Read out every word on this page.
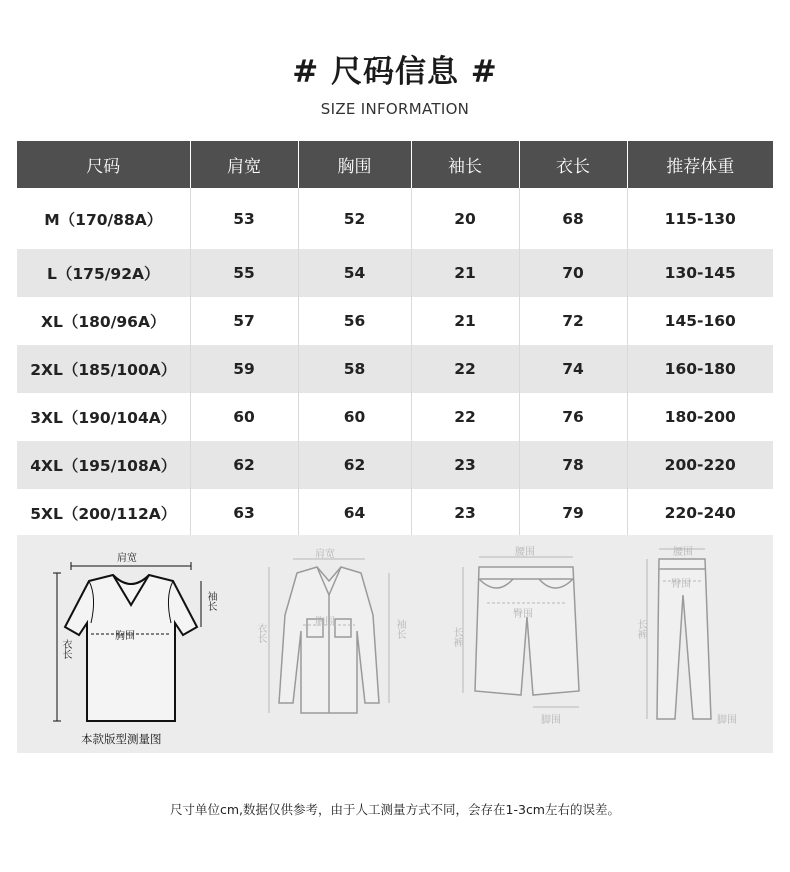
# 尺码信息 #
SIZE INFORMATION
尺码	肩宽	胸围	袖长	衣长	推荐体重
M（170/88A）	53	52	20	68	115-130
L（175/92A）	55	54	21	70	130-145
XL（180/96A）	57	56	21	72	145-160
2XL（185/100A）	59	58	22	74	160-180
3XL（190/104A）	60	60	22	76	180-200
4XL（195/108A）	62	62	23	78	200-220
5XL（200/112A）	63	64	23	79	220-240
肩宽
袖长
胸围
衣长
本款版型测量图
肩宽
胸围
衣长	袖长
腰围
臀围
长裤
脚围
腰围
臀围
长裤
脚围
尺寸单位cm,数据仅供参考，由于人工测量方式不同，会存在1-3cm左右的误差。
